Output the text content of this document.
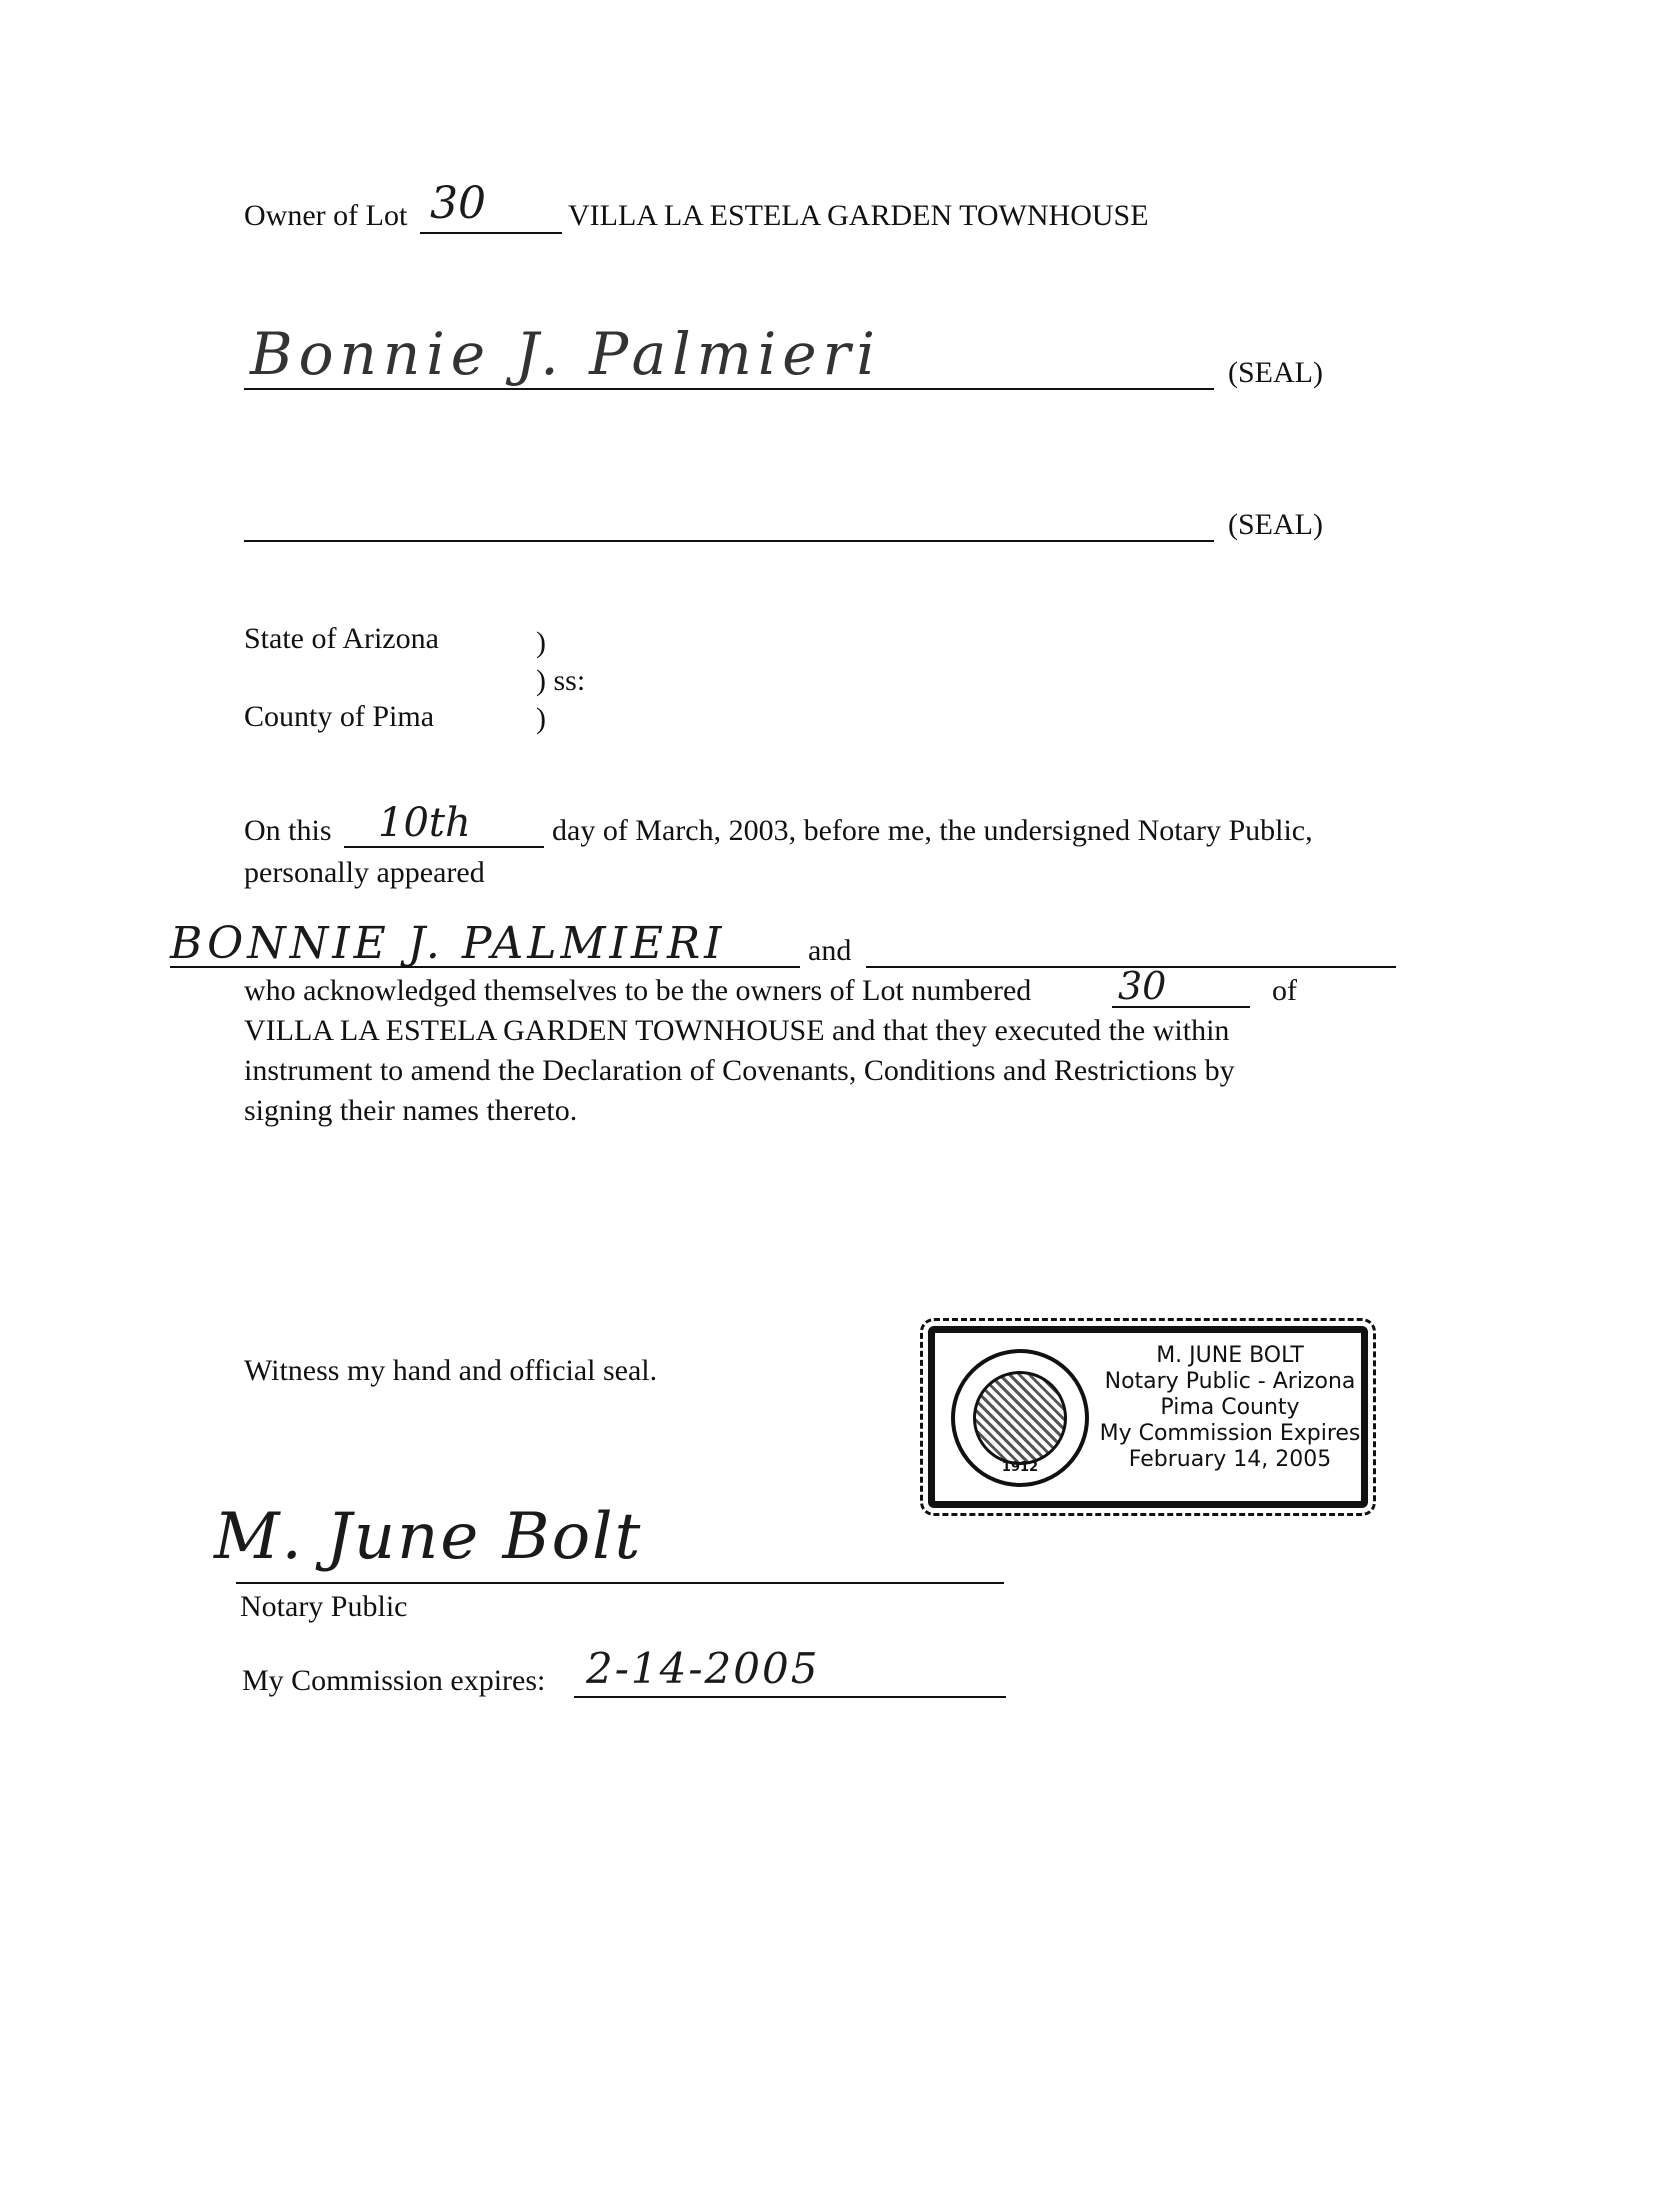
Owner of Lot 30	VILLA LA ESTELA GARDEN TOWNHOUSE
Bonnie J. Palmieri	(SEAL)
(SEAL)
State of Arizona	)
) ss:
County of Pima	)
On this 10th	day of March, 2003, before me, the undersigned Notary Public,
personally appeared
BONNIE J. PALMIERI	and
who acknowledged themselves to be the owners of Lot numbered 30	of
VILLA LA ESTELA GARDEN TOWNHOUSE and that they executed the within
instrument to amend the Declaration of Covenants, Conditions and Restrictions by
signing their names thereto.
Witness my hand and official seal.
1912
M. JUNE BOLT
Notary Public - Arizona
Pima County
My Commission Expires
February 14, 2005
M. June Bolt
Notary Public
My Commission expires: 2-14-2005
